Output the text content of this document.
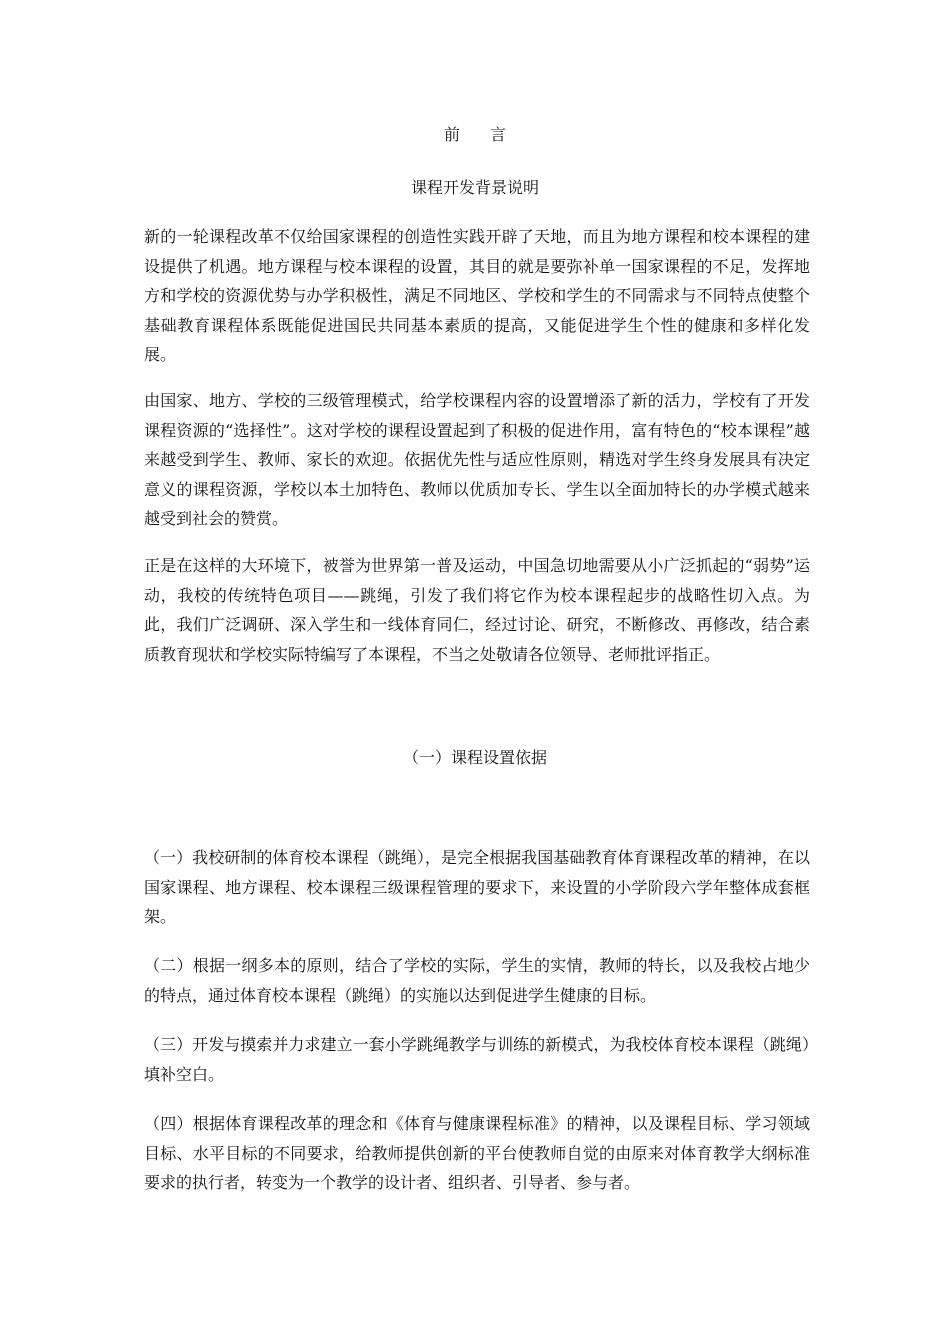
前 言
课程开发背景说明

新的一轮课程改革不仅给国家课程的创造性实践开辟了天地，而且为地方课程和校本课程的建设提供了机遇。地方课程与校本课程的设置，其目的就是要弥补单一国家课程的不足，发挥地方和学校的资源优势与办学积极性，满足不同地区、学校和学生的不同需求与不同特点使整个基础教育课程体系既能促进国民共同基本素质的提高，又能促进学生个性的健康和多样化发展。

由国家、地方、学校的三级管理模式，给学校课程内容的设置增添了新的活力，学校有了开发课程资源的“选择性”。这对学校的课程设置起到了积极的促进作用，富有特色的“校本课程”越来越受到学生、教师、家长的欢迎。依据优先性与适应性原则，精选对学生终身发展具有决定意义的课程资源，学校以本土加特色、教师以优质加专长、学生以全面加特长的办学模式越来越受到社会的赞赏。

正是在这样的大环境下，被誉为世界第一普及运动，中国急切地需要从小广泛抓起的“弱势”运动，我校的传统特色项目——跳绳，引发了我们将它作为校本课程起步的战略性切入点。为此，我们广泛调研、深入学生和一线体育同仁，经过讨论、研究，不断修改、再修改，结合素质教育现状和学校实际特编写了本课程，不当之处敬请各位领导、老师批评指正。

（一）课程设置依据

（一）我校研制的体育校本课程（跳绳），是完全根据我国基础教育体育课程改革的精神，在以国家课程、地方课程、校本课程三级课程管理的要求下，来设置的小学阶段六学年整体成套框架。

（二）根据一纲多本的原则，结合了学校的实际，学生的实情，教师的特长，以及我校占地少的特点，通过体育校本课程（跳绳）的实施以达到促进学生健康的目标。

（三）开发与摸索并力求建立一套小学跳绳教学与训练的新模式，为我校体育校本课程（跳绳）填补空白。

（四）根据体育课程改革的理念和《体育与健康课程标准》的精神，以及课程目标、学习领域目标、水平目标的不同要求，给教师提供创新的平台使教师自觉的由原来对体育教学大纲标准要求的执行者，转变为一个教学的设计者、组织者、引导者、参与者。
